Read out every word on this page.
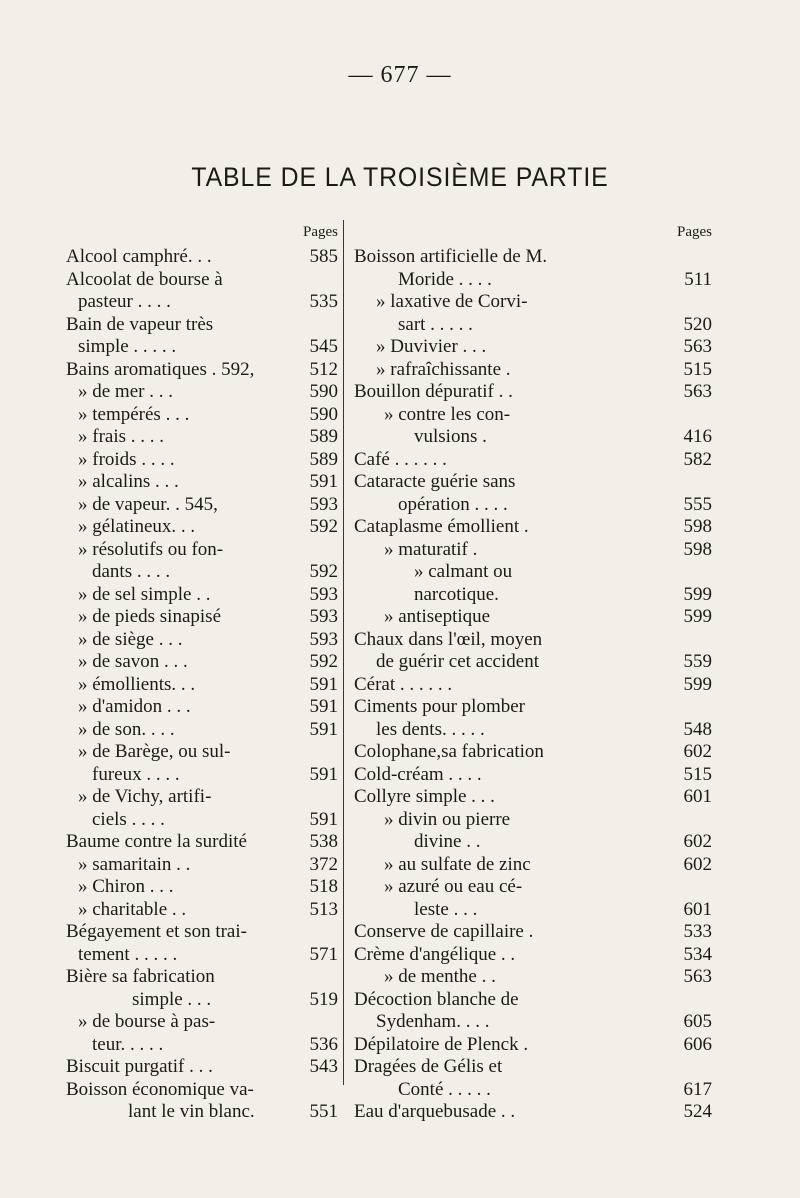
— 677 —
TABLE DE LA TROISIÈME PARTIE
Pages
Alcool camphré. . .	585
Alcoolat de bourse à
pasteur . . . .	535
Bain de vapeur très
simple . . . . .	545
Bains aromatiques . 592,	512
» de mer . . .	590
» tempérés . . .	590
» frais . . . .	589
» froids . . . .	589
» alcalins . . .	591
» de vapeur. . 545,	593
» gélatineux. . .	592
» résolutifs ou fon-
dants . . . .	592
» de sel simple . .	593
» de pieds sinapisé	593
» de siège . . .	593
» de savon . . .	592
» émollients. . .	591
» d'amidon . . .	591
» de son. . . .	591
» de Barège, ou sul-
fureux . . . .	591
» de Vichy, artifi-
ciels . . . .	591
Baume contre la surdité	538
» samaritain . .	372
» Chiron . . .	518
» charitable . .	513
Bégayement et son trai-
tement . . . . .	571
Bière sa fabrication
simple . . .	519
» de bourse à pas-
teur. . . . .	536
Biscuit purgatif . . .	543
Boisson économique va-
lant le vin blanc.	551
Pages
Boisson artificielle de M.
Moride . . . .	511
» laxative de Corvi-
sart . . . . .	520
» Duvivier . . .	563
» rafraîchissante .	515
Bouillon dépuratif . .	563
» contre les con-
vulsions .	416
Café . . . . . .	582
Cataracte guérie sans
opération . . . .	555
Cataplasme émollient .	598
» maturatif .	598
» calmant ou
narcotique.	599
» antiseptique	599
Chaux dans l'œil, moyen
de guérir cet accident	559
Cérat . . . . . .	599
Ciments pour plomber
les dents. . . . .	548
Colophane,sa fabrication	602
Cold-créam . . . .	515
Collyre simple . . .	601
» divin ou pierre
divine . .	602
» au sulfate de zinc	602
» azuré ou eau cé-
leste . . .	601
Conserve de capillaire .	533
Crème d'angélique . .	534
» de menthe . .	563
Décoction blanche de
Sydenham. . . .	605
Dépilatoire de Plenck .	606
Dragées de Gélis et
Conté . . . . .	617
Eau d'arquebusade . .	524
